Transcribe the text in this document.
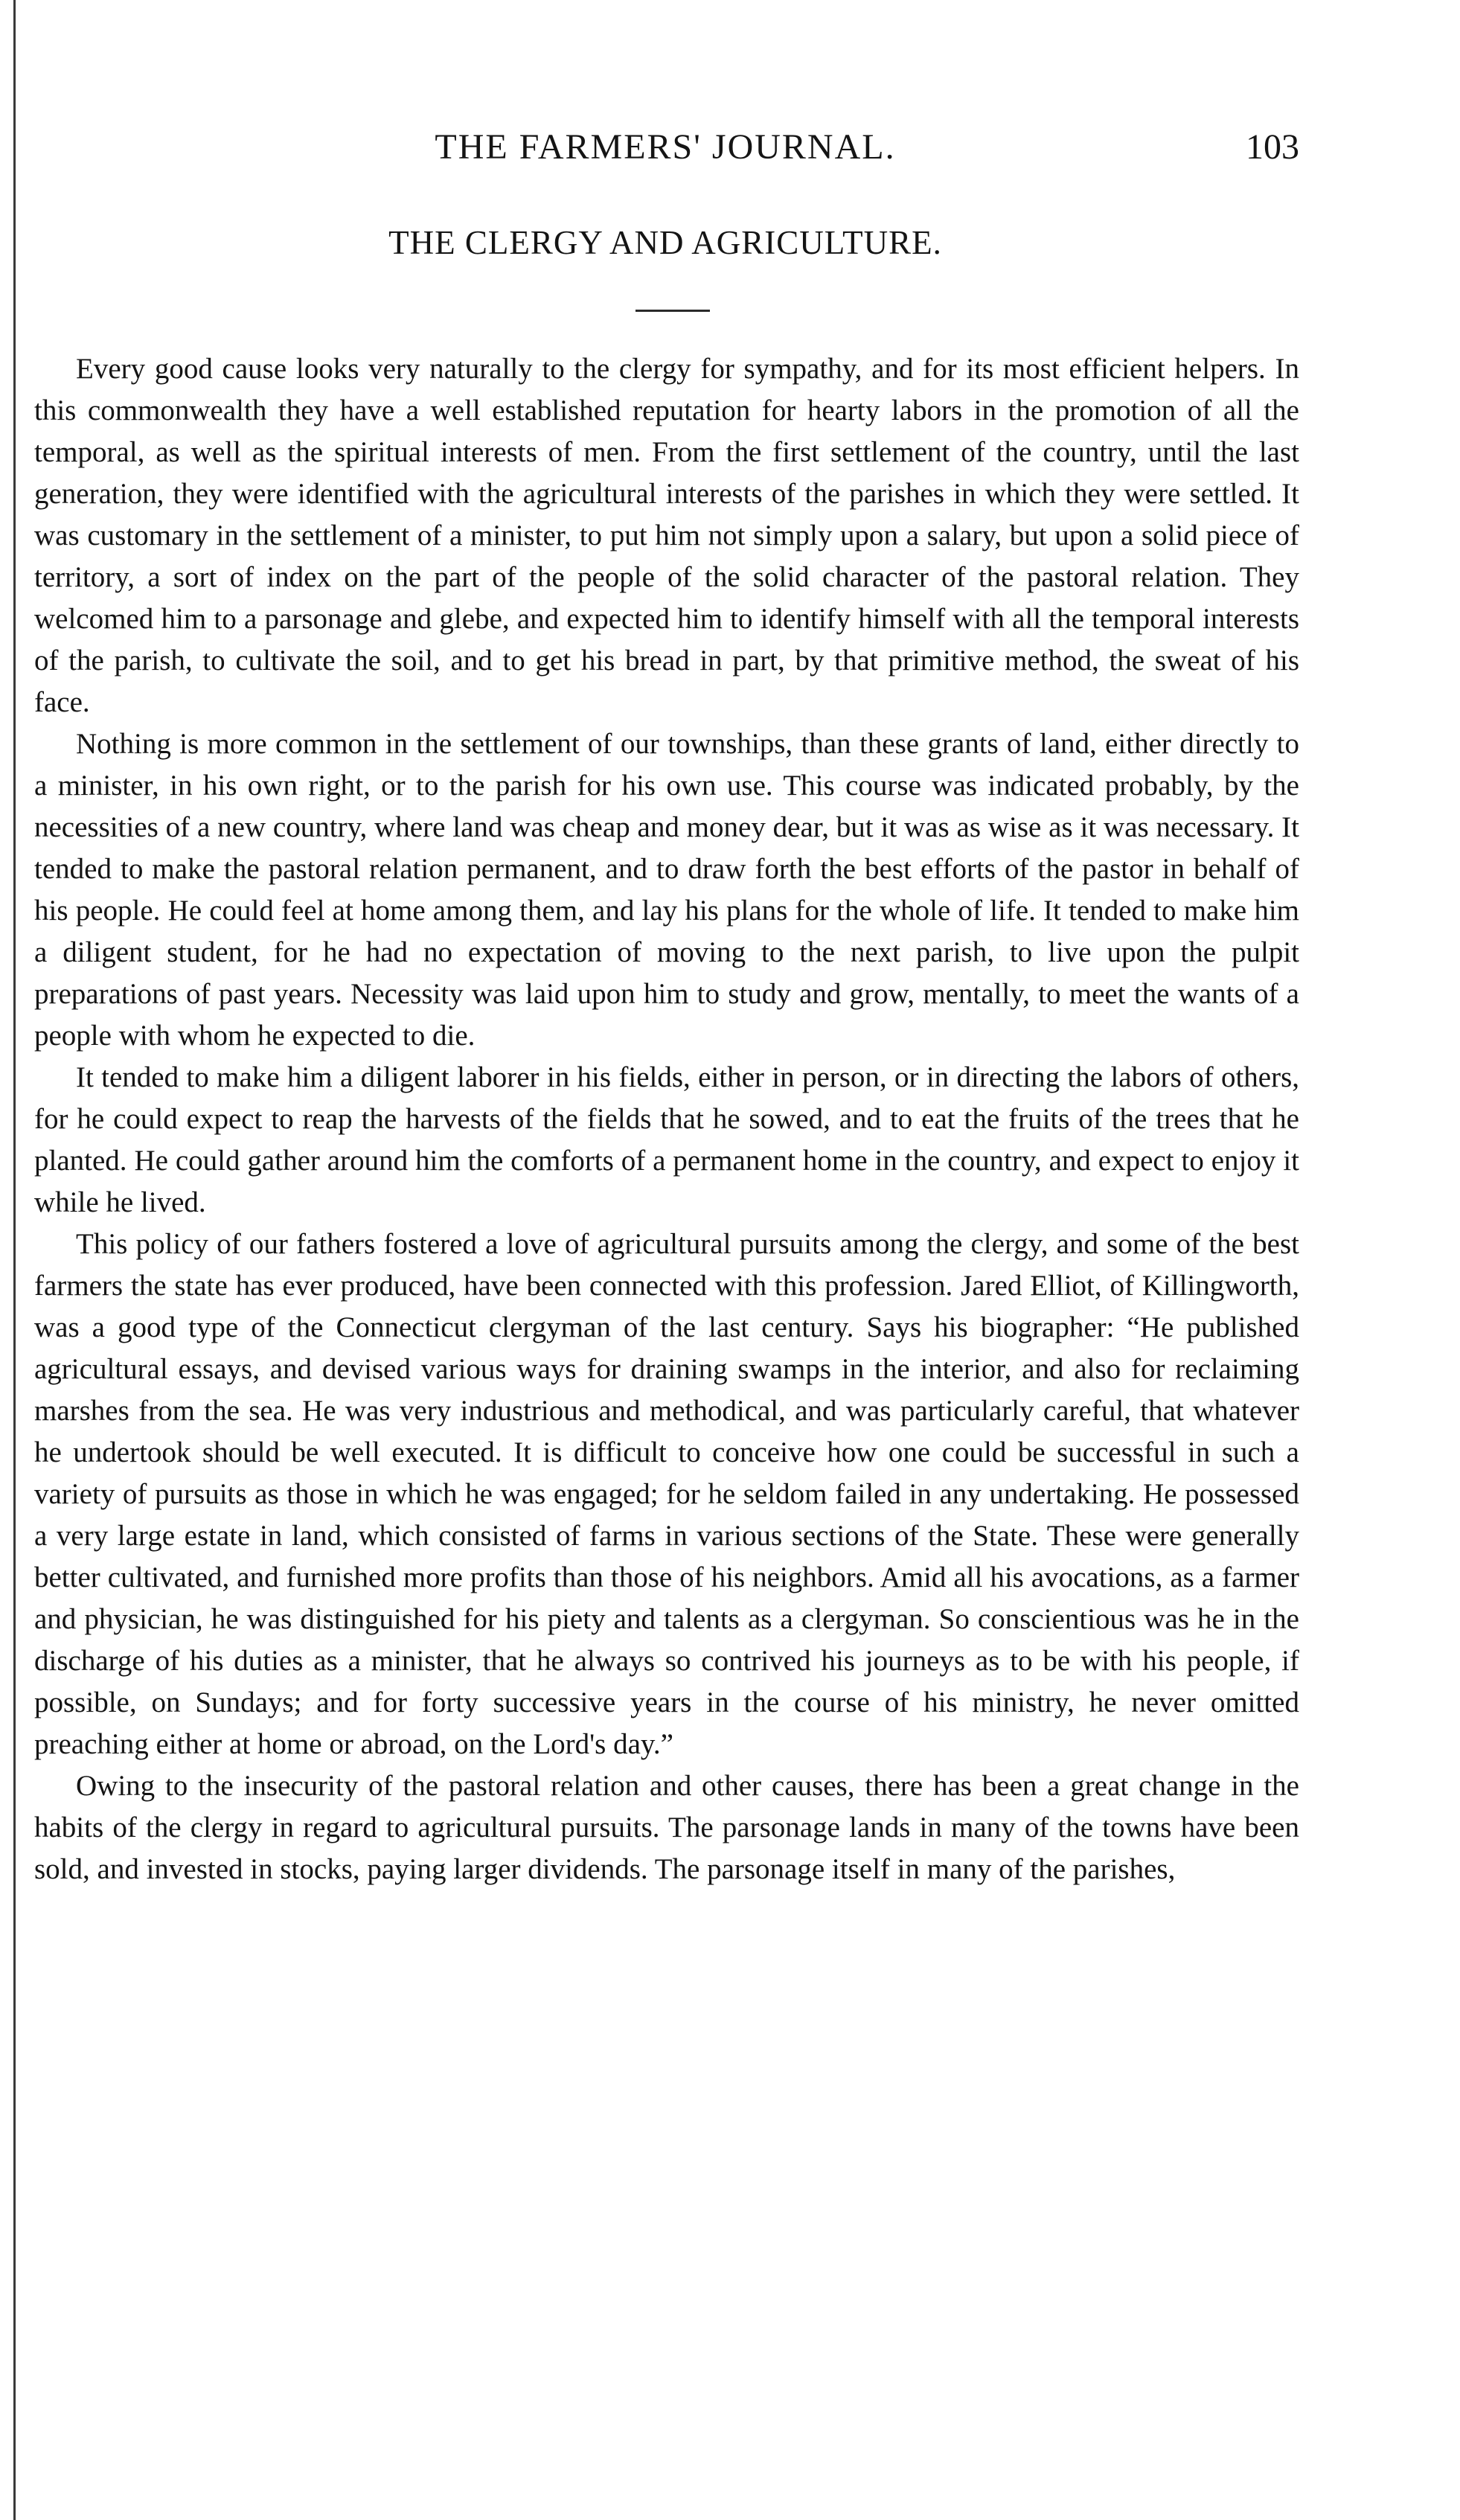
THE FARMERS' JOURNAL.	103
THE CLERGY AND AGRICULTURE.

Every good cause looks very naturally to the clergy for sympathy, and for its most efficient helpers. In this commonwealth they have a well established reputation for hearty labors in the promotion of all the temporal, as well as the spiritual interests of men. From the first settlement of the country, until the last generation, they were identified with the agricultural interests of the parishes in which they were settled. It was customary in the settlement of a minister, to put him not simply upon a salary, but upon a solid piece of territory, a sort of index on the part of the people of the solid character of the pastoral relation. They welcomed him to a parsonage and glebe, and expected him to identify himself with all the temporal interests of the parish, to cultivate the soil, and to get his bread in part, by that primitive method, the sweat of his face.

Nothing is more common in the settlement of our townships, than these grants of land, either directly to a minister, in his own right, or to the parish for his own use. This course was indicated probably, by the necessities of a new country, where land was cheap and money dear, but it was as wise as it was necessary. It tended to make the pastoral relation permanent, and to draw forth the best efforts of the pastor in behalf of his people. He could feel at home among them, and lay his plans for the whole of life. It tended to make him a diligent student, for he had no expectation of moving to the next parish, to live upon the pulpit preparations of past years. Necessity was laid upon him to study and grow, mentally, to meet the wants of a people with whom he expected to die.

It tended to make him a diligent laborer in his fields, either in person, or in directing the labors of others, for he could expect to reap the harvests of the fields that he sowed, and to eat the fruits of the trees that he planted. He could gather around him the comforts of a permanent home in the country, and expect to enjoy it while he lived.

This policy of our fathers fostered a love of agricultural pursuits among the clergy, and some of the best farmers the state has ever produced, have been connected with this profession. Jared Elliot, of Killingworth, was a good type of the Connecticut clergyman of the last century. Says his biographer: “He published agricultural essays, and devised various ways for draining swamps in the interior, and also for reclaiming marshes from the sea. He was very industrious and methodical, and was particularly careful, that whatever he undertook should be well executed. It is difficult to conceive how one could be successful in such a variety of pursuits as those in which he was engaged; for he seldom failed in any undertaking. He possessed a very large estate in land, which consisted of farms in various sections of the State. These were generally better cultivated, and furnished more profits than those of his neighbors. Amid all his avocations, as a farmer and physician, he was distinguished for his piety and talents as a clergyman. So conscientious was he in the discharge of his duties as a minister, that he always so contrived his journeys as to be with his people, if possible, on Sundays; and for forty successive years in the course of his ministry, he never omitted preaching either at home or abroad, on the Lord's day.”

Owing to the insecurity of the pastoral relation and other causes, there has been a great change in the habits of the clergy in regard to agricultural pursuits. The parsonage lands in many of the towns have been sold, and invested in stocks, paying larger dividends. The parsonage itself in many of the parishes,
